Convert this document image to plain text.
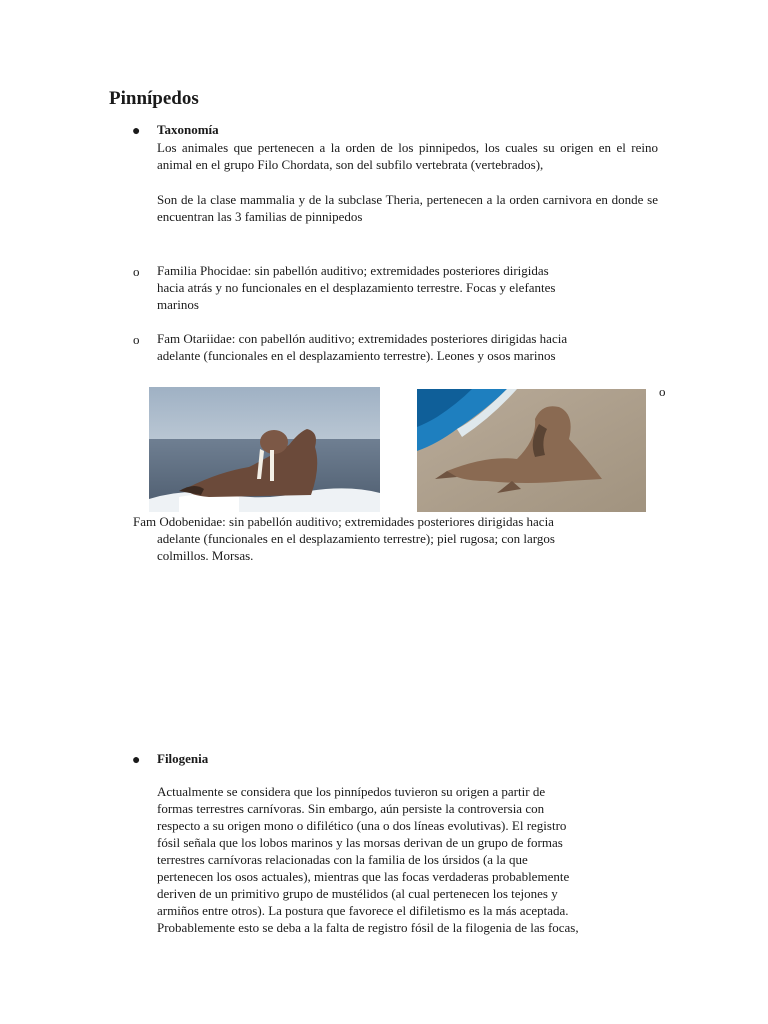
Pinnípedos
● Taxonomía
Los animales que pertenecen a la orden de los pinnipedos, los cuales su origen en el reino animal en el grupo Filo Chordata, son del subfilo vertebrata (vertebrados),
Son de la clase mammalia y de la subclase Theria, pertenecen a la orden carnivora en donde se encuentran las 3 familias de pinnipedos
o Familia Phocidae: sin pabellón auditivo; extremidades posteriores dirigidas
hacia atrás y no funcionales en el desplazamiento terrestre. Focas y elefantes
marinos
o Fam Otariidae: con pabellón auditivo; extremidades posteriores dirigidas hacia
adelante (funcionales en el desplazamiento terrestre). Leones y osos marinos
o
Fam Odobenidae: sin pabellón auditivo; extremidades posteriores dirigidas hacia
adelante (funcionales en el desplazamiento terrestre); piel rugosa; con largos
colmillos. Morsas.
● Filogenia
Actualmente se considera que los pinnípedos tuvieron su origen a partir de
formas terrestres carnívoras. Sin embargo, aún persiste la controversia con
respecto a su origen mono o difilético (una o dos líneas evolutivas). El registro
fósil señala que los lobos marinos y las morsas derivan de un grupo de formas
terrestres carnívoras relacionadas con la familia de los úrsidos (a la que
pertenecen los osos actuales), mientras que las focas verdaderas probablemente
deriven de un primitivo grupo de mustélidos (al cual pertenecen los tejones y
armiños entre otros). La postura que favorece el difiletismo es la más aceptada.
Probablemente esto se deba a la falta de registro fósil de la filogenia de las focas,
